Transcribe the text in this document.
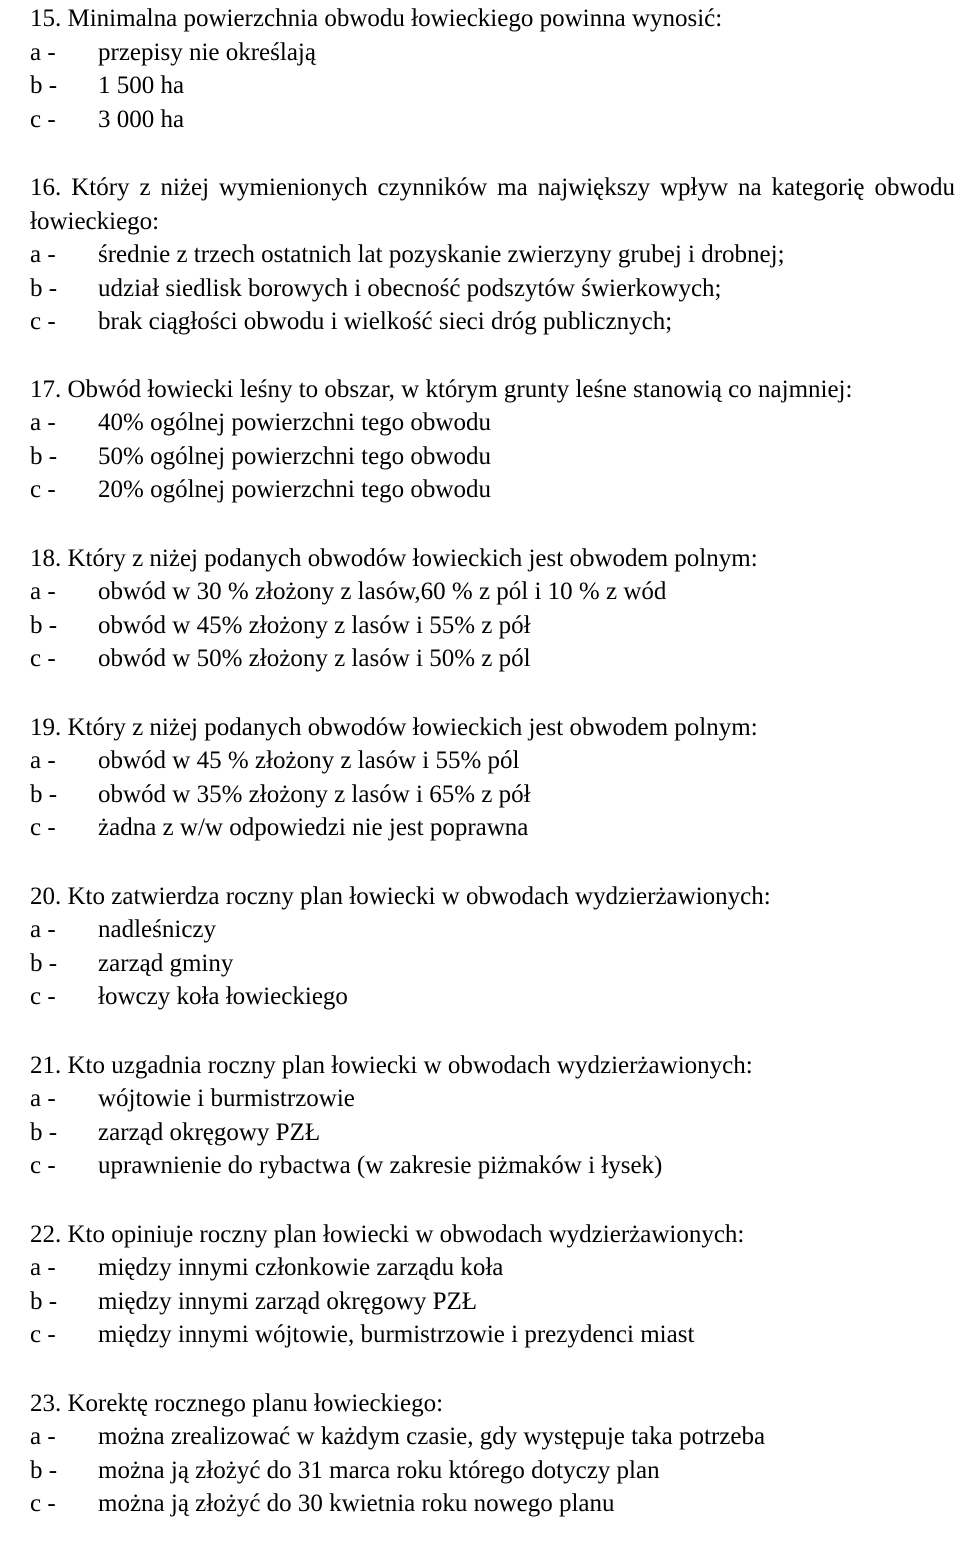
15. Minimalna powierzchnia obwodu łowieckiego powinna wynosić:

a -	przepisy nie określają
b -	1 500 ha
c -	3 000 ha

16. Który z niżej wymienionych czynników ma największy wpływ na kategorię obwodu łowieckiego:

a -	średnie z trzech ostatnich lat pozyskanie zwierzyny grubej i drobnej;
b -	udział siedlisk borowych i obecność podszytów świerkowych;
c -	brak ciągłości obwodu i wielkość sieci dróg publicznych;

17. Obwód łowiecki leśny to obszar, w którym grunty leśne stanowią co najmniej:

a -	40% ogólnej powierzchni tego obwodu
b -	50% ogólnej powierzchni tego obwodu
c -	20% ogólnej powierzchni tego obwodu

18. Który z niżej podanych obwodów łowieckich jest obwodem polnym:

a -	obwód w 30 % złożony z lasów,60 % z pól i 10 % z wód
b -	obwód w 45% złożony z lasów i 55% z pół
c -	obwód w 50% złożony z lasów i 50% z pól

19. Który z niżej podanych obwodów łowieckich jest obwodem polnym:

a -	obwód w 45 % złożony z lasów i 55% pól
b -	obwód w 35% złożony z lasów i 65% z pół
c -	żadna z w/w odpowiedzi nie jest poprawna

20. Kto zatwierdza roczny plan łowiecki w obwodach wydzierżawionych:

a -	nadleśniczy
b -	zarząd gminy
c -	łowczy koła łowieckiego

21. Kto uzgadnia roczny plan łowiecki w obwodach wydzierżawionych:

a -	wójtowie i burmistrzowie
b -	zarząd okręgowy PZŁ
c -	uprawnienie do rybactwa (w zakresie piżmaków i łysek)

22. Kto opiniuje roczny plan łowiecki w obwodach wydzierżawionych:

a -	między innymi członkowie zarządu koła
b -	między innymi zarząd okręgowy PZŁ
c -	między innymi wójtowie, burmistrzowie i prezydenci miast

23. Korektę rocznego planu łowieckiego:

a -	można zrealizować w każdym czasie, gdy występuje taka potrzeba
b -	można ją złożyć do 31 marca roku którego dotyczy plan
c -	można ją złożyć do 30 kwietnia roku nowego planu
